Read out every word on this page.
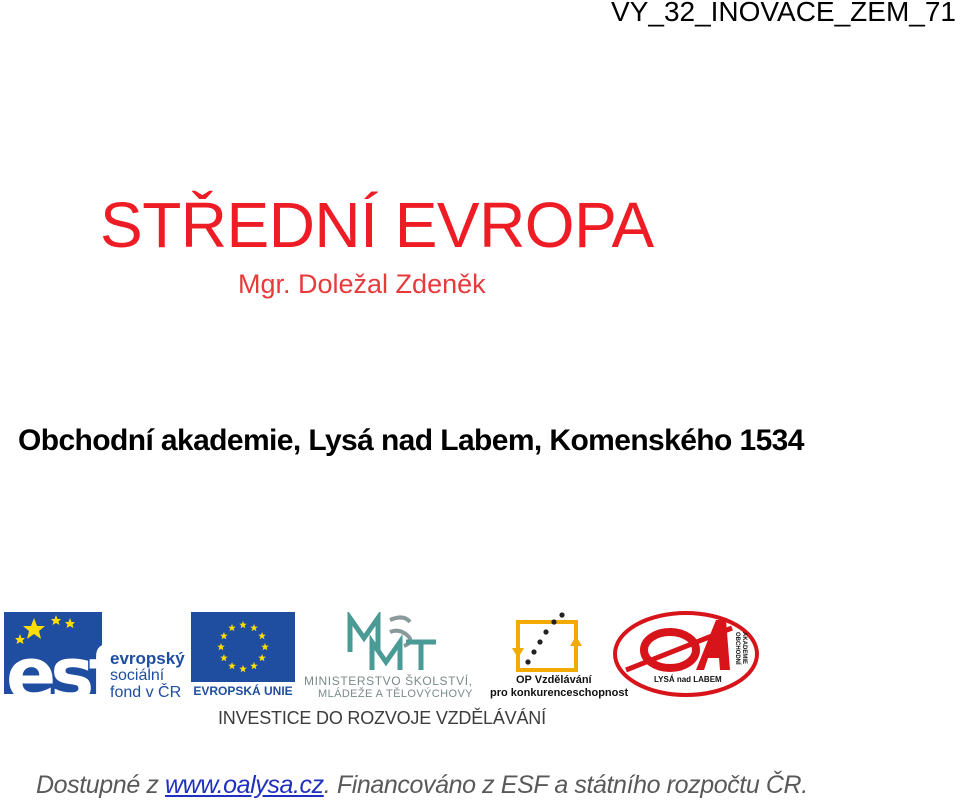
VY_32_INOVACE_ZEM_71
STŘEDNÍ EVROPA
Mgr. Doležal Zdeněk
Obchodní akademie, Lysá nad Labem, Komenského 1534
esf
evropský
sociální
fond v ČR EVROPSKÁ UNIE
MINISTERSTVO ŠKOLSTVÍ,
MLÁDEŽE A TĚLOVÝCHOVY
OP Vzdělávání
pro konkurenceschopnost
LYSÁ nad LABEM
OBCHODNÍ AKADEMIE
INVESTICE DO ROZVOJE VZDĚLÁVÁNÍ
Dostupné z www.oalysa.cz. Financováno z ESF a státního rozpočtu ČR.
